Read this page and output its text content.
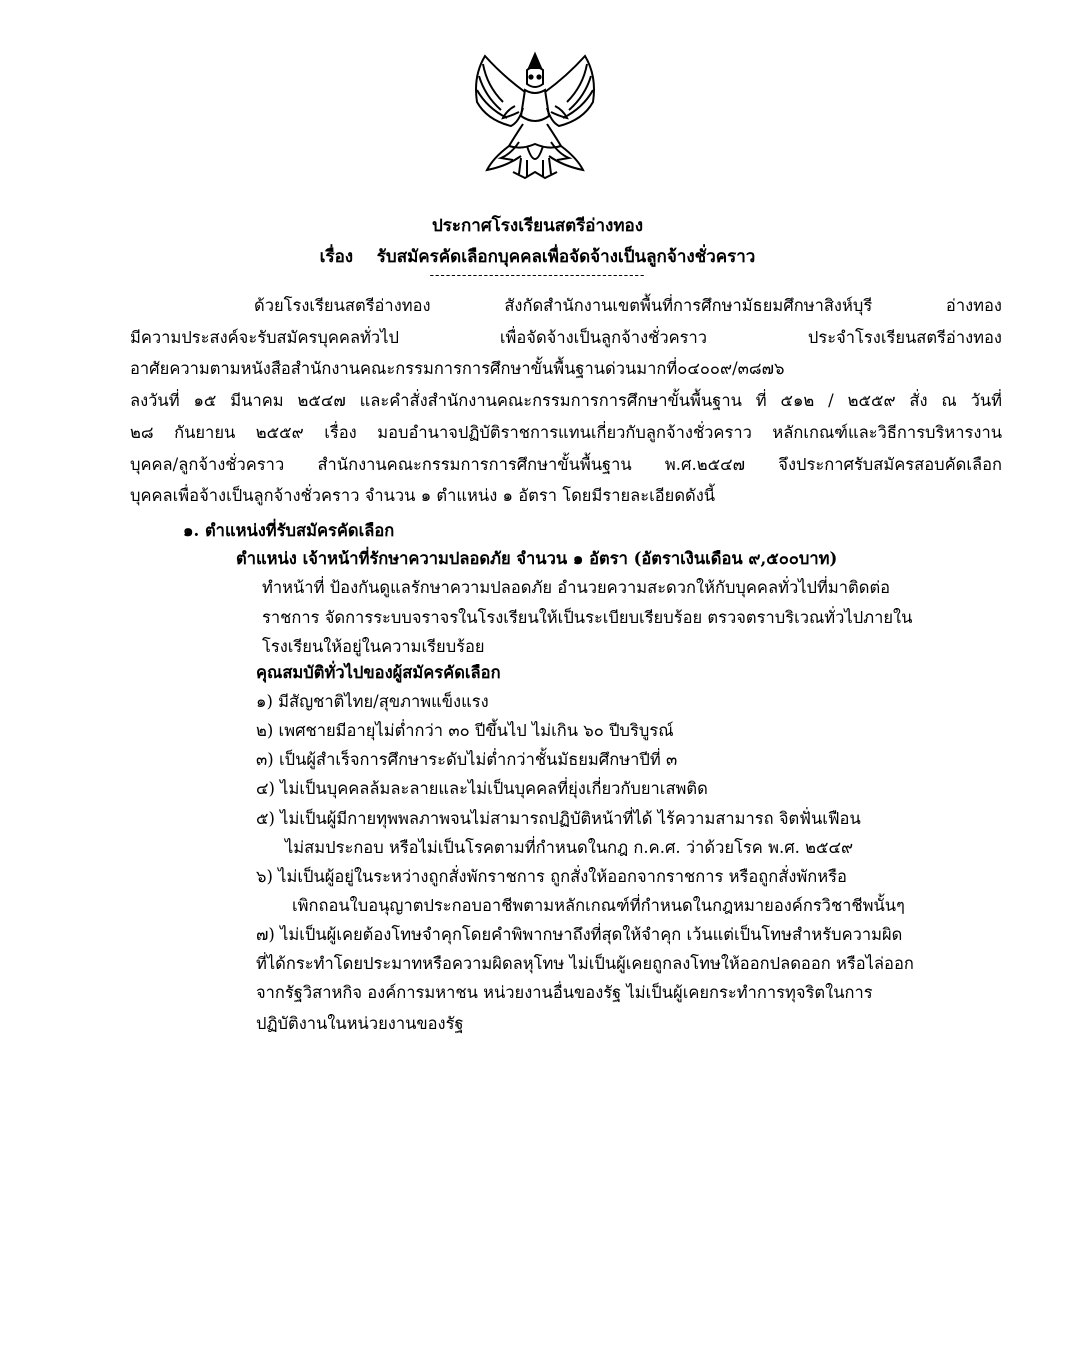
ประกาศโรงเรียนสตรีอ่างทอง
เรื่อง รับสมัครคัดเลือกบุคคลเพื่อจัดจ้างเป็นลูกจ้างชั่วคราว
----------------------------------------

ด้วยโรงเรียนสตรีอ่างทอง สังกัดสำนักงานเขตพื้นที่การศึกษามัธยมศึกษาสิงห์บุรี อ่างทอง
มีความประสงค์จะรับสมัครบุคคลทั่วไป เพื่อจัดจ้างเป็นลูกจ้างชั่วคราว ประจำโรงเรียนสตรีอ่างทอง
อาศัยความตามหนังสือสำนักงานคณะกรรมการการศึกษาขั้นพื้นฐานด่วนมากที่๐๔๐๐๙/๓๘๗๖
ลงวันที่ ๑๕ มีนาคม ๒๕๔๗ และคำสั่งสำนักงานคณะกรรมการการศึกษาขั้นพื้นฐาน ที่ ๕๑๒ / ๒๕๕๙ สั่ง ณ วันที่
๒๘ กันยายน ๒๕๕๙ เรื่อง มอบอำนาจปฏิบัติราชการแทนเกี่ยวกับลูกจ้างชั่วคราว หลักเกณฑ์และวิธีการบริหารงาน
บุคคล/ลูกจ้างชั่วคราว สำนักงานคณะกรรมการการศึกษาขั้นพื้นฐาน พ.ศ.๒๕๔๗ จึงประกาศรับสมัครสอบคัดเลือก
บุคคลเพื่อจ้างเป็นลูกจ้างชั่วคราว จำนวน ๑ ตำแหน่ง ๑ อัตรา โดยมีรายละเอียดดังนี้

๑. ตำแหน่งที่รับสมัครคัดเลือก
ตำแหน่ง เจ้าหน้าที่รักษาความปลอดภัย จำนวน ๑ อัตรา (อัตราเงินเดือน ๙,๕๐๐บาท)
ทำหน้าที่ ป้องกันดูแลรักษาความปลอดภัย อำนวยความสะดวกให้กับบุคคลทั่วไปที่มาติดต่อ
ราชการ จัดการระบบจราจรในโรงเรียนให้เป็นระเบียบเรียบร้อย ตรวจตราบริเวณทั่วไปภายใน
โรงเรียนให้อยู่ในความเรียบร้อย
คุณสมบัติทั่วไปของผู้สมัครคัดเลือก
๑) มีสัญชาติไทย/สุขภาพแข็งแรง
๒) เพศชายมีอายุไม่ต่ำกว่า ๓๐ ปีขึ้นไป ไม่เกิน ๖๐ ปีบริบูรณ์
๓) เป็นผู้สำเร็จการศึกษาระดับไม่ต่ำกว่าชั้นมัธยมศึกษาปีที่ ๓
๔) ไม่เป็นบุคคลล้มละลายและไม่เป็นบุคคลที่ยุ่งเกี่ยวกับยาเสพติด
๕) ไม่เป็นผู้มีกายทุพพลภาพจนไม่สามารถปฏิบัติหน้าที่ได้ ไร้ความสามารถ จิตฟั่นเฟือน
ไม่สมประกอบ หรือไม่เป็นโรคตามที่กำหนดในกฎ ก.ค.ศ. ว่าด้วยโรค พ.ศ. ๒๕๔๙
๖) ไม่เป็นผู้อยู่ในระหว่างถูกสั่งพักราชการ ถูกสั่งให้ออกจากราชการ หรือถูกสั่งพักหรือ
เพิกถอนใบอนุญาตประกอบอาชีพตามหลักเกณฑ์ที่กำหนดในกฎหมายองค์กรวิชาชีพนั้นๆ
๗) ไม่เป็นผู้เคยต้องโทษจำคุกโดยคำพิพากษาถึงที่สุดให้จำคุก เว้นแต่เป็นโทษสำหรับความผิด
ที่ได้กระทำโดยประมาทหรือความผิดลหุโทษ ไม่เป็นผู้เคยถูกลงโทษให้ออกปลดออก หรือไล่ออก
จากรัฐวิสาหกิจ องค์การมหาชน หน่วยงานอื่นของรัฐ ไม่เป็นผู้เคยกระทำการทุจริตในการ
ปฏิบัติงานในหน่วยงานของรัฐ
